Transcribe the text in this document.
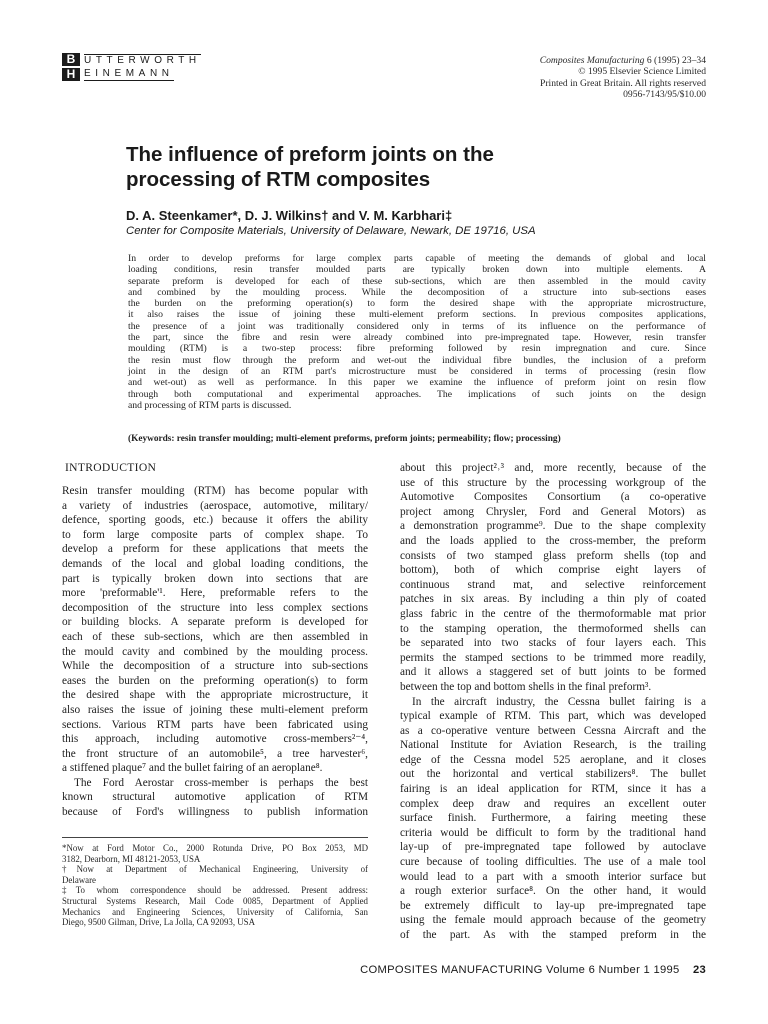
B
H
UTTERWORTH
EINEMANN
Composites Manufacturing 6 (1995) 23–34
© 1995 Elsevier Science Limited
Printed in Great Britain. All rights reserved
0956-7143/95/$10.00
The influence of preform joints on the
processing of RTM composites
D. A. Steenkamer*, D. J. Wilkins† and V. M. Karbhari‡
Center for Composite Materials, University of Delaware, Newark, DE 19716, USA
In order to develop preforms for large complex parts capable of meeting the demands of global and local
loading conditions, resin transfer moulded parts are typically broken down into multiple elements. A
separate preform is developed for each of these sub-sections, which are then assembled in the mould cavity
and combined by the moulding process. While the decomposition of a structure into sub-sections eases
the burden on the preforming operation(s) to form the desired shape with the appropriate microstructure,
it also raises the issue of joining these multi-element preform sections. In previous composites applications,
the presence of a joint was traditionally considered only in terms of its influence on the performance of
the part, since the fibre and resin were already combined into pre-impregnated tape. However, resin transfer
moulding (RTM) is a two-step process: fibre preforming followed by resin impregnation and cure. Since
the resin must flow through the preform and wet-out the individual fibre bundles, the inclusion of a preform
joint in the design of an RTM part's microstructure must be considered in terms of processing (resin flow
and wet-out) as well as performance. In this paper we examine the influence of preform joint on resin flow
through both computational and experimental approaches. The implications of such joints on the design
and processing of RTM parts is discussed.
(Keywords: resin transfer moulding; multi-element preforms, preform joints; permeability; flow; processing)
INTRODUCTION
Resin transfer moulding (RTM) has become popular with
a variety of industries (aerospace, automotive, military/
defence, sporting goods, etc.) because it offers the ability
to form large composite parts of complex shape. To
develop a preform for these applications that meets the
demands of the local and global loading conditions, the
part is typically broken down into sections that are
more 'preformable'¹. Here, preformable refers to the
decomposition of the structure into less complex sections
or building blocks. A separate preform is developed for
each of these sub-sections, which are then assembled in
the mould cavity and combined by the moulding process.
While the decomposition of a structure into sub-sections
eases the burden on the preforming operation(s) to form
the desired shape with the appropriate microstructure, it
also raises the issue of joining these multi-element preform
sections. Various RTM parts have been fabricated using
this approach, including automotive cross-members²⁻⁴,
the front structure of an automobile⁵, a tree harvester⁶,
a stiffened plaque⁷ and the bullet fairing of an aeroplane⁸.
The Ford Aerostar cross-member is perhaps the best
known structural automotive application of RTM
because of Ford's willingness to publish information
about this project²˒³ and, more recently, because of the
use of this structure by the processing workgroup of the
Automotive Composites Consortium (a co-operative
project among Chrysler, Ford and General Motors) as
a demonstration programme⁹. Due to the shape complexity
and the loads applied to the cross-member, the preform
consists of two stamped glass preform shells (top and
bottom), both of which comprise eight layers of
continuous strand mat, and selective reinforcement
patches in six areas. By including a thin ply of coated
glass fabric in the centre of the thermoformable mat prior
to the stamping operation, the thermoformed shells can
be separated into two stacks of four layers each. This
permits the stamped sections to be trimmed more readily,
and it allows a staggered set of butt joints to be formed
between the top and bottom shells in the final preform³.
In the aircraft industry, the Cessna bullet fairing is a
typical example of RTM. This part, which was developed
as a co-operative venture between Cessna Aircraft and the
National Institute for Aviation Research, is the trailing
edge of the Cessna model 525 aeroplane, and it closes
out the horizontal and vertical stabilizers⁸. The bullet
fairing is an ideal application for RTM, since it has a
complex deep draw and requires an excellent outer
surface finish. Furthermore, a fairing meeting these
criteria would be difficult to form by the traditional hand
lay-up of pre-impregnated tape followed by autoclave
cure because of tooling difficulties. The use of a male tool
would lead to a part with a smooth interior surface but
a rough exterior surface⁸. On the other hand, it would
be extremely difficult to lay-up pre-impregnated tape
using the female mould approach because of the geometry
of the part. As with the stamped preform in the
*Now at Ford Motor Co., 2000 Rotunda Drive, PO Box 2053, MD
3182, Dearborn, MI 48121-2053, USA
†Now at Department of Mechanical Engineering, University of
Delaware
‡To whom correspondence should be addressed. Present address:
Structural Systems Research, Mail Code 0085, Department of Applied
Mechanics and Engineering Sciences, University of California, San
Diego, 9500 Gilman, Drive, La Jolla, CA 92093, USA
COMPOSITES MANUFACTURING Volume 6 Number 1 1995 23
